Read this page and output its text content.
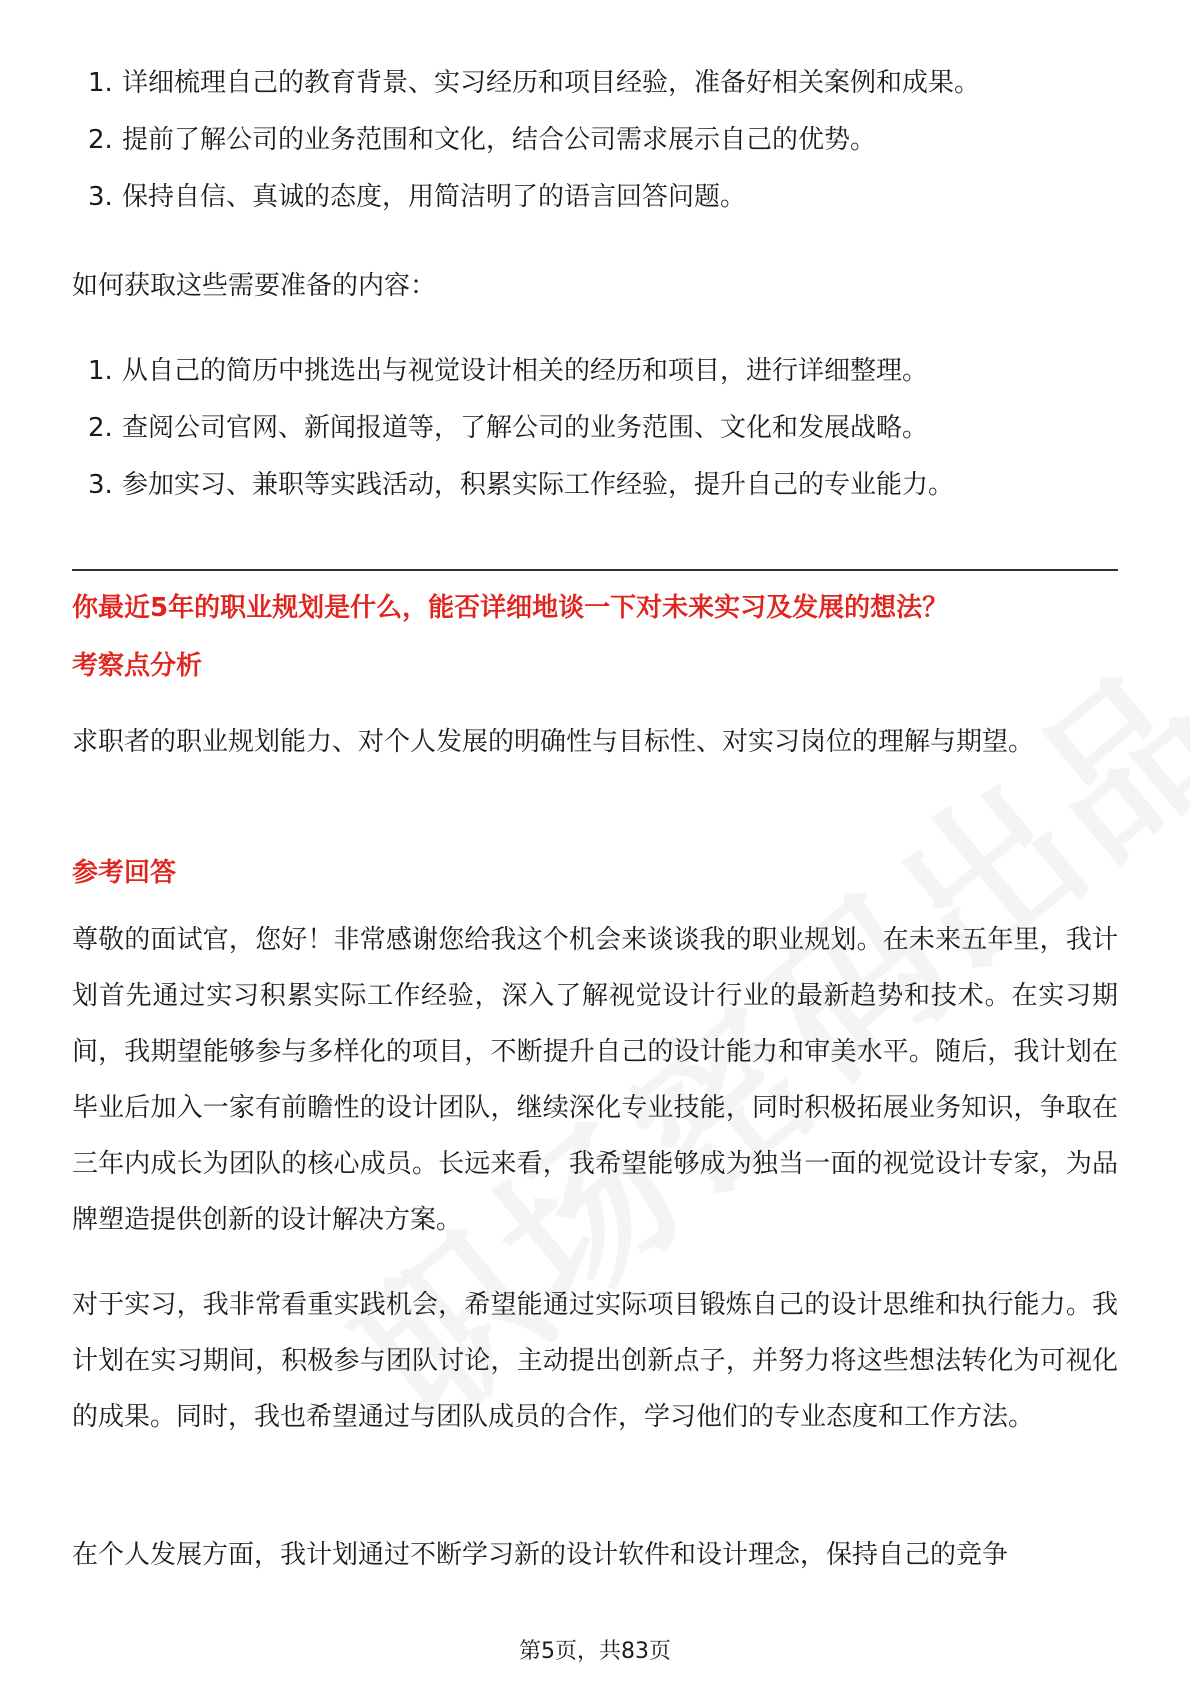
1. 详细梳理自己的教育背景、实习经历和项目经验，准备好相关案例和成果。
2. 提前了解公司的业务范围和文化，结合公司需求展示自己的优势。
3. 保持自信、真诚的态度，用简洁明了的语言回答问题。

如何获取这些需要准备的内容：

1. 从自己的简历中挑选出与视觉设计相关的经历和项目，进行详细整理。
2. 查阅公司官网、新闻报道等，了解公司的业务范围、文化和发展战略。
3. 参加实习、兼职等实践活动，积累实际工作经验，提升自己的专业能力。

你最近5年的职业规划是什么，能否详细地谈一下对未来实习及发展的想法？

考察点分析

求职者的职业规划能力、对个人发展的明确性与目标性、对实习岗位的理解与期望。

参考回答

尊敬的面试官，您好！非常感谢您给我这个机会来谈谈我的职业规划。在未来五年里，我计划首先通过实习积累实际工作经验，深入了解视觉设计行业的最新趋势和技术。在实习期间，我期望能够参与多样化的项目，不断提升自己的设计能力和审美水平。随后，我计划在毕业后加入一家有前瞻性的设计团队，继续深化专业技能，同时积极拓展业务知识，争取在三年内成长为团队的核心成员。长远来看，我希望能够成为独当一面的视觉设计专家，为品牌塑造提供创新的设计解决方案。

对于实习，我非常看重实践机会，希望能通过实际项目锻炼自己的设计思维和执行能力。我计划在实习期间，积极参与团队讨论，主动提出创新点子，并努力将这些想法转化为可视化的成果。同时，我也希望通过与团队成员的合作，学习他们的专业态度和工作方法。

在个人发展方面，我计划通过不断学习新的设计软件和设计理念，保持自己的竞争

第5页，共83页
